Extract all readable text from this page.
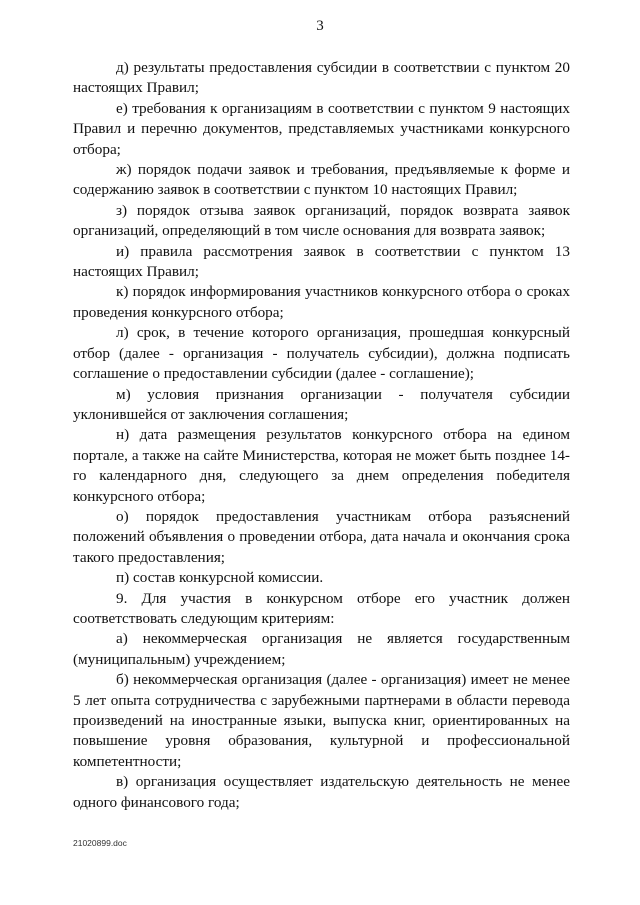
3

д) результаты предоставления субсидии в соответствии с пунктом 20 настоящих Правил;

е) требования к организациям в соответствии с пунктом 9 настоящих Правил и перечню документов, представляемых участниками конкурсного отбора;

ж) порядок подачи заявок и требования, предъявляемые к форме и содержанию заявок в соответствии с пунктом 10 настоящих Правил;

з) порядок отзыва заявок организаций, порядок возврата заявок организаций, определяющий в том числе основания для возврата заявок;

и) правила рассмотрения заявок в соответствии с пунктом 13 настоящих Правил;

к) порядок информирования участников конкурсного отбора о сроках проведения конкурсного отбора;

л) срок, в течение которого организация, прошедшая конкурсный отбор (далее - организация - получатель субсидии), должна подписать соглашение о предоставлении субсидии (далее - соглашение);

м) условия признания организации - получателя субсидии уклонившейся от заключения соглашения;

н) дата размещения результатов конкурсного отбора на едином портале, а также на сайте Министерства, которая не может быть позднее 14-го календарного дня, следующего за днем определения победителя конкурсного отбора;

о) порядок предоставления участникам отбора разъяснений положений объявления о проведении отбора, дата начала и окончания срока такого предоставления;

п) состав конкурсной комиссии.

9. Для участия в конкурсном отборе его участник должен соответствовать следующим критериям:

а) некоммерческая организация не является государственным (муниципальным) учреждением;

б) некоммерческая организация (далее - организация) имеет не менее 5 лет опыта сотрудничества с зарубежными партнерами в области перевода произведений на иностранные языки, выпуска книг, ориентированных на повышение уровня образования, культурной и профессиональной компетентности;

в) организация осуществляет издательскую деятельность не менее одного финансового года;

21020899.doc
